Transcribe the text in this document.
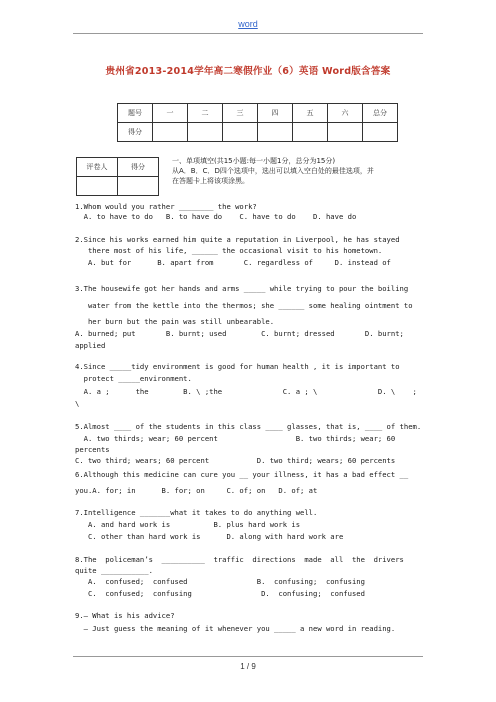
word
贵州省2013-2014学年高二寒假作业（6）英语 Word版含答案
题号	一	二	三	四	五	六	总分
得分							
评卷人	得分

一、单项填空(共15小题:每一小题1分，总分为15分)
从A．B．C．D四个选项中，选出可以填入空白处的最佳选项，并
在答题卡上将该项涂黑。
1.Whom would you rather ________ the work?
A. to have to do   B. to have do    C. have to do    D. have do
2.Since his works earned him quite a reputation in Liverpool, he has stayed
there most of his life, ______ the occasional visit to his hometown.
A. but for      B. apart from       C. regardless of     D. instead of
3.The housewife got her hands and arms _____ while trying to pour the boiling
water from the kettle into the thermos; she ______ some healing ointment to
her burn but the pain was still unbearable.
A. burned; put       B. burnt; used        C. burnt; dressed       D. burnt;
applied
4.Since _____tidy environment is good for human health , it is important to
protect _____environment.
A. a ;      the        B. \ ;the              C. a ; \              D. \    ;
\
5.Almost ____ of the students in this class ____ glasses, that is, ____ of them.
A. two thirds; wear; 60 percent                  B. two thirds; wear; 60
percents
C. two third; wears; 60 percent           D. two third; wears; 60 percents
6.Although this medicine can cure you __ your illness, it has a bad effect __
you.A. for; in      B. for; on     C. of; on   D. of; at
7.Intelligence _______what it takes to do anything well.
A. and hard work is          B. plus hard work is
C. other than hard work is      D. along with hard work are
8.The  policeman’s  __________  traffic  directions  made  all  the  drivers
quite ___________.
A.  confused;  confused                B.  confusing;  confusing
C.  confused;  confusing                D.  confusing;  confused
9.— What is his advice?
— Just guess the meaning of it whenever you _____ a new word in reading.
1 / 9
